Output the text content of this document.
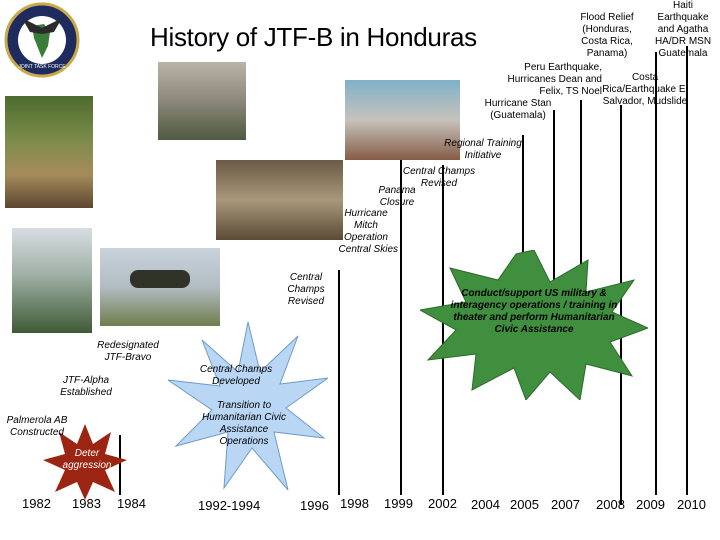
JOINT TASK FORCE
History of JTF-B in Honduras
Palmerola AB Constructed
Deter aggression
JTF-Alpha Established
Redesignated JTF-Bravo
Central Champs Developed
Transition to Humanitarian Civic Assistance Operations
Central Champs Revised
Hurricane Mitch Operation
Central Skies
Panama Closure
Central Champs Revised
Regional Training Initiative
Hurricane Stan (Guatemala)
Peru Earthquake, Hurricanes Dean and Felix, TS Noel
Costa Rica/Earthquake El Salvador, Mudslide
Flood Relief (Honduras, Costa Rica, Panama)
Haiti Earthquake and Agatha HA/DR MSN Guatemala
Conduct/support US military & interagency operations / training in theater and perform Humanitarian Civic Assistance
1982 1983 1984	1992-1994	1996 1998 1999 2002 2004 2005 2007 2008 2009 2010
